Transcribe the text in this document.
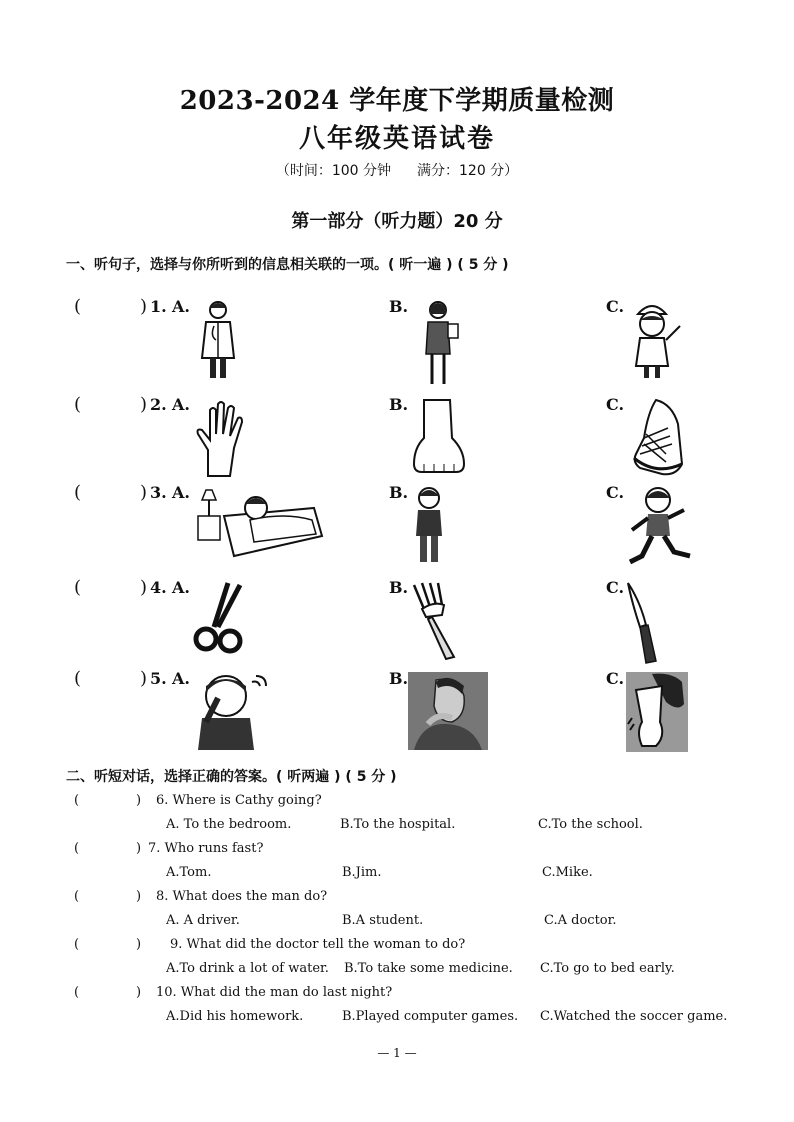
2023-2024 学年度下学期质量检测
八年级英语试卷
（时间：100 分钟 满分：120 分）
第一部分（听力题）20 分
一、听句子，选择与你所听到的信息相关联的一项。( 听一遍 ) ( 5 分 )
(	) 1. A.	B.	C.
(	) 2. A.	B.	C.
(	) 3. A.	B.	C.
(	) 4. A.	B.	C.
(	) 5. A.	B.	C.
二、听短对话，选择正确的答案。( 听两遍 ) ( 5 分 )
(	) 6. Where is Cathy going?
A. To the bedroom.	B.To the hospital.	C.To the school.
(	) 7. Who runs fast?
A.Tom.	B.Jim.	C.Mike.
(	) 8. What does the man do?
A. A driver.	B.A student.	C.A doctor.
(	) 9. What did the doctor tell the woman to do?
A.To drink a lot of water. B.To take some medicine. C.To go to bed early.
(	) 10. What did the man do last night?
A.Did his homework.	B.Played computer games. C.Watched the soccer game.
— 1 —
